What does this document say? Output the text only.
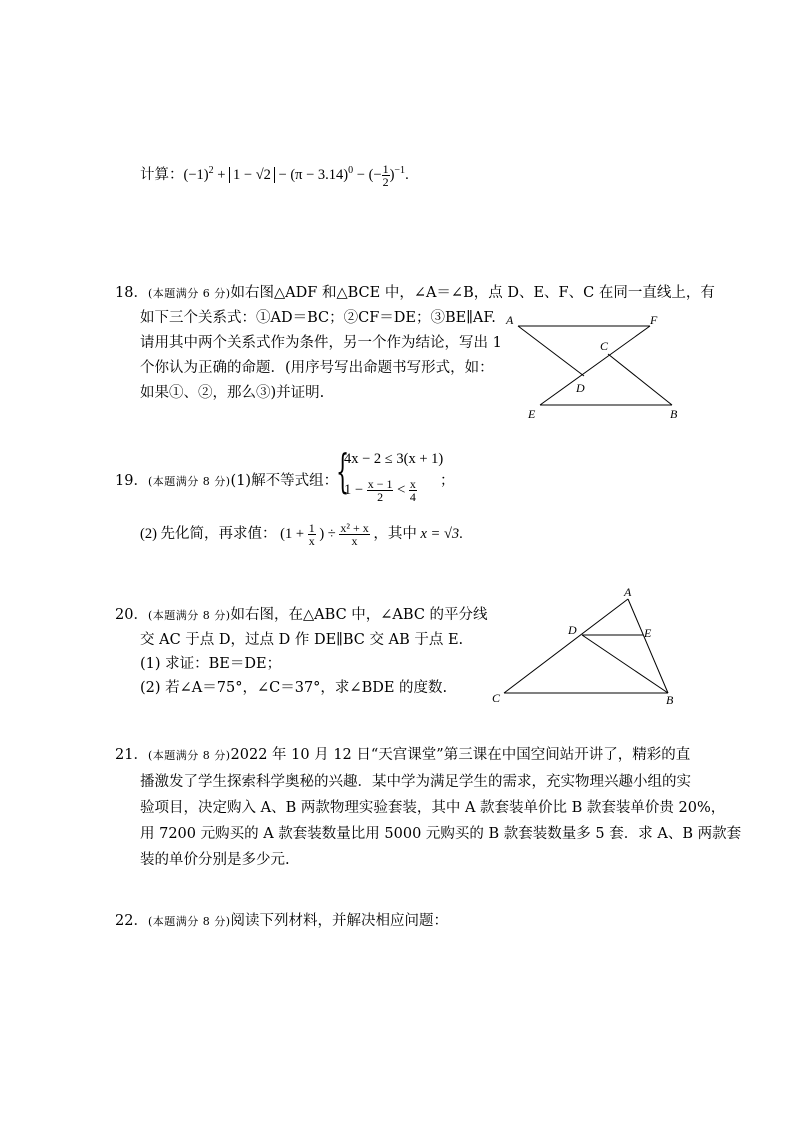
计算：$(-1)^2 + 1 - √2 - (\pi - 3.14)^0$ − (− $\frac{1}{2} )^{-1}$.
18．(本题满分 6 分)如右图△ADF 和△BCE 中，∠A＝∠B，点 D、E、F、C 在同一直线上，有
如下三个关系式：①AD＝BC；②CF＝DE；③BE∥AF.
请用其中两个关系式作为条件，另一个作为结论，写出 1
个你认为正确的命题．(用序号写出命题书写形式，如：
如果①、②，那么③)并证明.
A	F
C
D
E	B
19．(本题满分 8 分)(1)解不等式组：
{
4x − 2 ≤ 3(x + 1)
$1 - \frac{x - 1}{2} < \frac{x}{4}$ ；
(2) 先化简，再求值： ($1 + \frac{1}{x}$ ) ÷ $\frac{\text{x² + x}}{x}$ ，其中 x = √3.
20．(本题满分 8 分)如右图，在△ABC 中，∠ABC 的平分线
交 AC 于点 D，过点 D 作 DE∥BC 交 AB 于点 E.
(1) 求证：BE＝DE；
(2) 若∠A＝75°，∠C＝37°，求∠BDE 的度数.
A
D	E
C	B
21．(本题满分 8 分)2022 年 10 月 12 日“天宫课堂”第三课在中国空间站开讲了，精彩的直
播激发了学生探索科学奥秘的兴趣．某中学为满足学生的需求，充实物理兴趣小组的实
验项目，决定购入 A、B 两款物理实验套装，其中 A 款套装单价比 B 款套装单价贵 20%，
用 7200 元购买的 A 款套装数量比用 5000 元购买的 B 款套装数量多 5 套．求 A、B 两款套
装的单价分别是多少元.
22．(本题满分 8 分)阅读下列材料，并解决相应问题：
